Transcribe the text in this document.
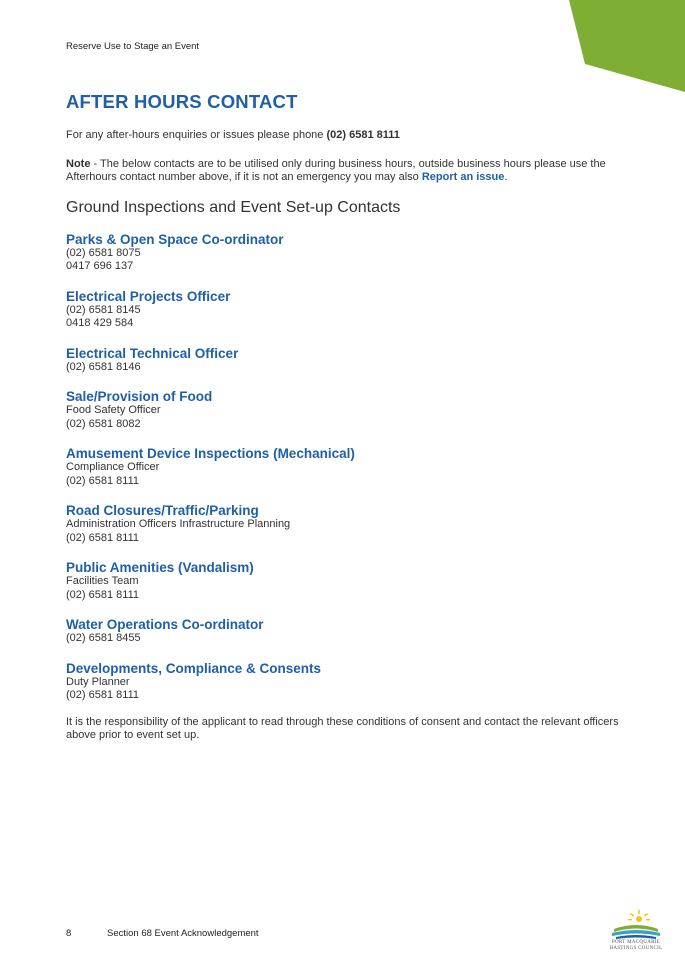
Reserve Use to Stage an Event
AFTER HOURS CONTACT

For any after-hours enquiries or issues please phone (02) 6581 8111

Note - The below contacts are to be utilised only during business hours, outside business hours please use the Afterhours contact number above, if it is not an emergency you may also Report an issue.

Ground Inspections and Event Set-up Contacts
Parks & Open Space Co-ordinator
(02) 6581 8075
0417 696 137
Electrical Projects Officer
(02) 6581 8145
0418 429 584
Electrical Technical Officer
(02) 6581 8146
Sale/Provision of Food
Food Safety Officer
(02) 6581 8082
Amusement Device Inspections (Mechanical)
Compliance Officer
(02) 6581 8111
Road Closures/Traffic/Parking
Administration Officers Infrastructure Planning
(02) 6581 8111
Public Amenities (Vandalism)
Facilities Team
(02) 6581 8111
Water Operations Co-ordinator
(02) 6581 8455
Developments, Compliance & Consents
Duty Planner
(02) 6581 8111

It is the responsibility of the applicant to read through these conditions of consent and contact the relevant officers above prior to event set up.

8	Section 68 Event Acknowledgement
PORT MACQUARIE
HASTINGS COUNCIL
